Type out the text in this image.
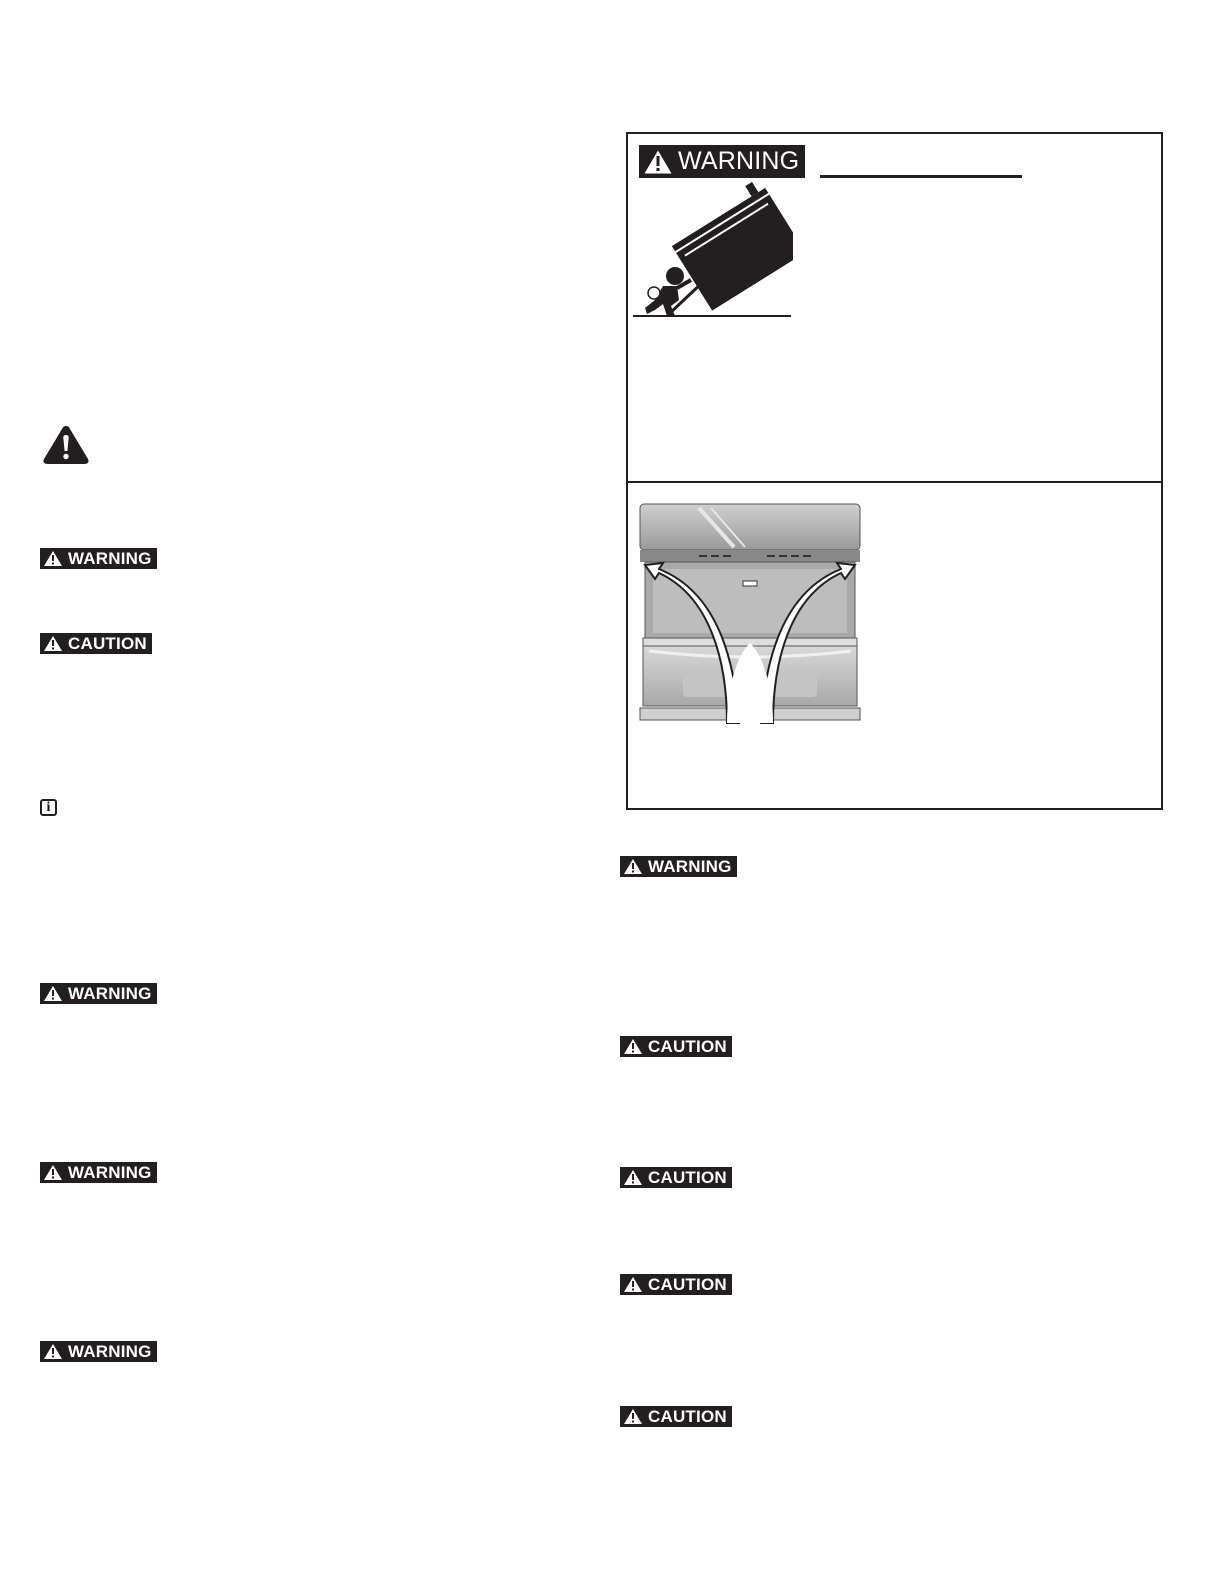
WARNING
CAUTION
i
WARNING
WARNING
WARNING
WARNING
WARNING
CAUTION
CAUTION
CAUTION
CAUTION
